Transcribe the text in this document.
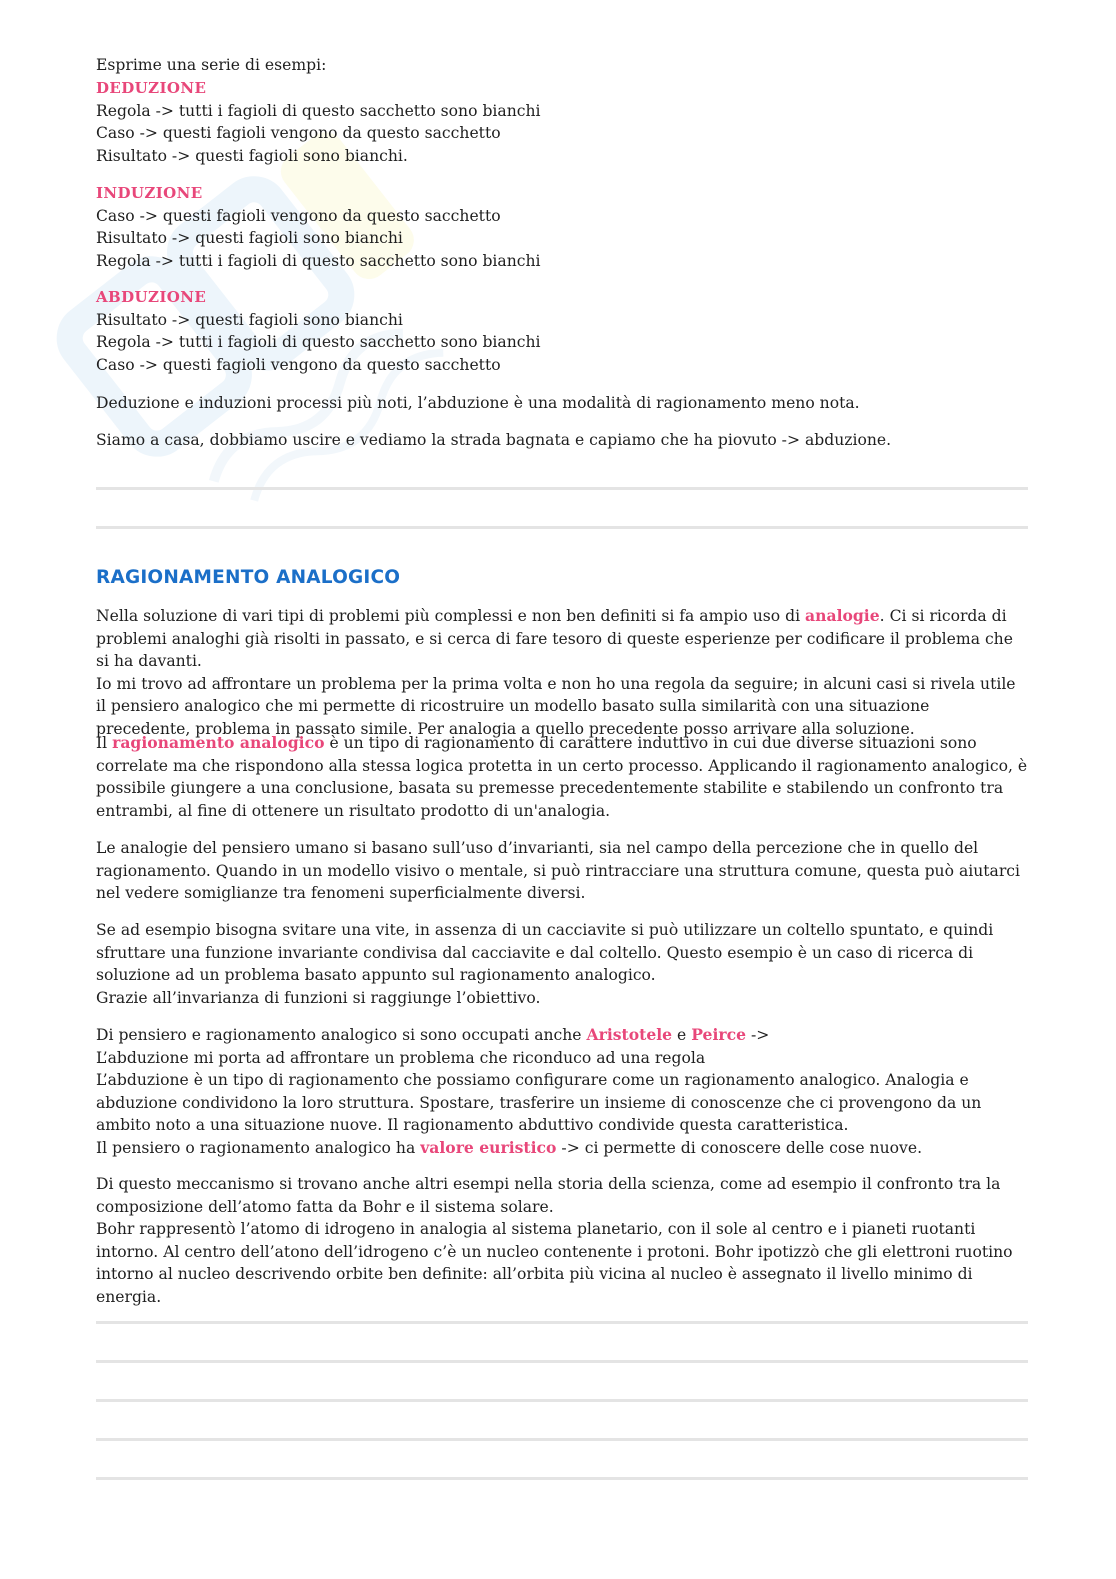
Esprime una serie di esempi:
DEDUZIONE
Regola -> tutti i fagioli di questo sacchetto sono bianchi
Caso -> questi fagioli vengono da questo sacchetto
Risultato -> questi fagioli sono bianchi.
INDUZIONE
Caso -> questi fagioli vengono da questo sacchetto
Risultato -> questi fagioli sono bianchi
Regola -> tutti i fagioli di questo sacchetto sono bianchi
ABDUZIONE
Risultato -> questi fagioli sono bianchi
Regola -> tutti i fagioli di questo sacchetto sono bianchi
Caso -> questi fagioli vengono da questo sacchetto
Deduzione e induzioni processi più noti, l’abduzione è una modalità di ragionamento meno nota.
Siamo a casa, dobbiamo uscire e vediamo la strada bagnata e capiamo che ha piovuto -> abduzione.
Nella soluzione di vari tipi di problemi più complessi e non ben definiti si fa ampio uso di analogie. Ci si ricorda di problemi analoghi già risolti in passato, e si cerca di fare tesoro di queste esperienze per codificare il problema che si ha davanti.
Io mi trovo ad affrontare un problema per la prima volta e non ho una regola da seguire; in alcuni casi si rivela utile il pensiero analogico che mi permette di ricostruire un modello basato sulla similarità con una situazione precedente, problema in passato simile. Per analogia a quello precedente posso arrivare alla soluzione.
Il ragionamento analogico è un tipo di ragionamento di carattere induttivo in cui due diverse situazioni sono correlate ma che rispondono alla stessa logica protetta in un certo processo. Applicando il ragionamento analogico, è possibile giungere a una conclusione, basata su premesse precedentemente stabilite e stabilendo un confronto tra entrambi, al fine di ottenere un risultato prodotto di un'analogia.
Le analogie del pensiero umano si basano sull’uso d’invarianti, sia nel campo della percezione che in quello del ragionamento. Quando in un modello visivo o mentale, si può rintracciare una struttura comune, questa può aiutarci nel vedere somiglianze tra fenomeni superficialmente diversi.
Se ad esempio bisogna svitare una vite, in assenza di un cacciavite si può utilizzare un coltello spuntato, e quindi sfruttare una funzione invariante condivisa dal cacciavite e dal coltello. Questo esempio è un caso di ricerca di soluzione ad un problema basato appunto sul ragionamento analogico.
Grazie all’invarianza di funzioni si raggiunge l’obiettivo.
Di pensiero e ragionamento analogico si sono occupati anche Aristotele e Peirce ->
L’abduzione mi porta ad affrontare un problema che riconduco ad una regola
L’abduzione è un tipo di ragionamento che possiamo configurare come un ragionamento analogico. Analogia e abduzione condividono la loro struttura. Spostare, trasferire un insieme di conoscenze che ci provengono da un ambito noto a una situazione nuove. Il ragionamento abduttivo condivide questa caratteristica.
Il pensiero o ragionamento analogico ha valore euristico -> ci permette di conoscere delle cose nuove.
Di questo meccanismo si trovano anche altri esempi nella storia della scienza, come ad esempio il confronto tra la composizione dell’atomo fatta da Bohr e il sistema solare.
Bohr rappresentò l’atomo di idrogeno in analogia al sistema planetario, con il sole al centro e i pianeti ruotanti intorno. Al centro dell’atono dell’idrogeno c’è un nucleo contenente i protoni. Bohr ipotizzò che gli elettroni ruotino intorno al nucleo descrivendo orbite ben definite: all’orbita più vicina al nucleo è assegnato il livello minimo di energia.
RAGIONAMENTO ANALOGICO
